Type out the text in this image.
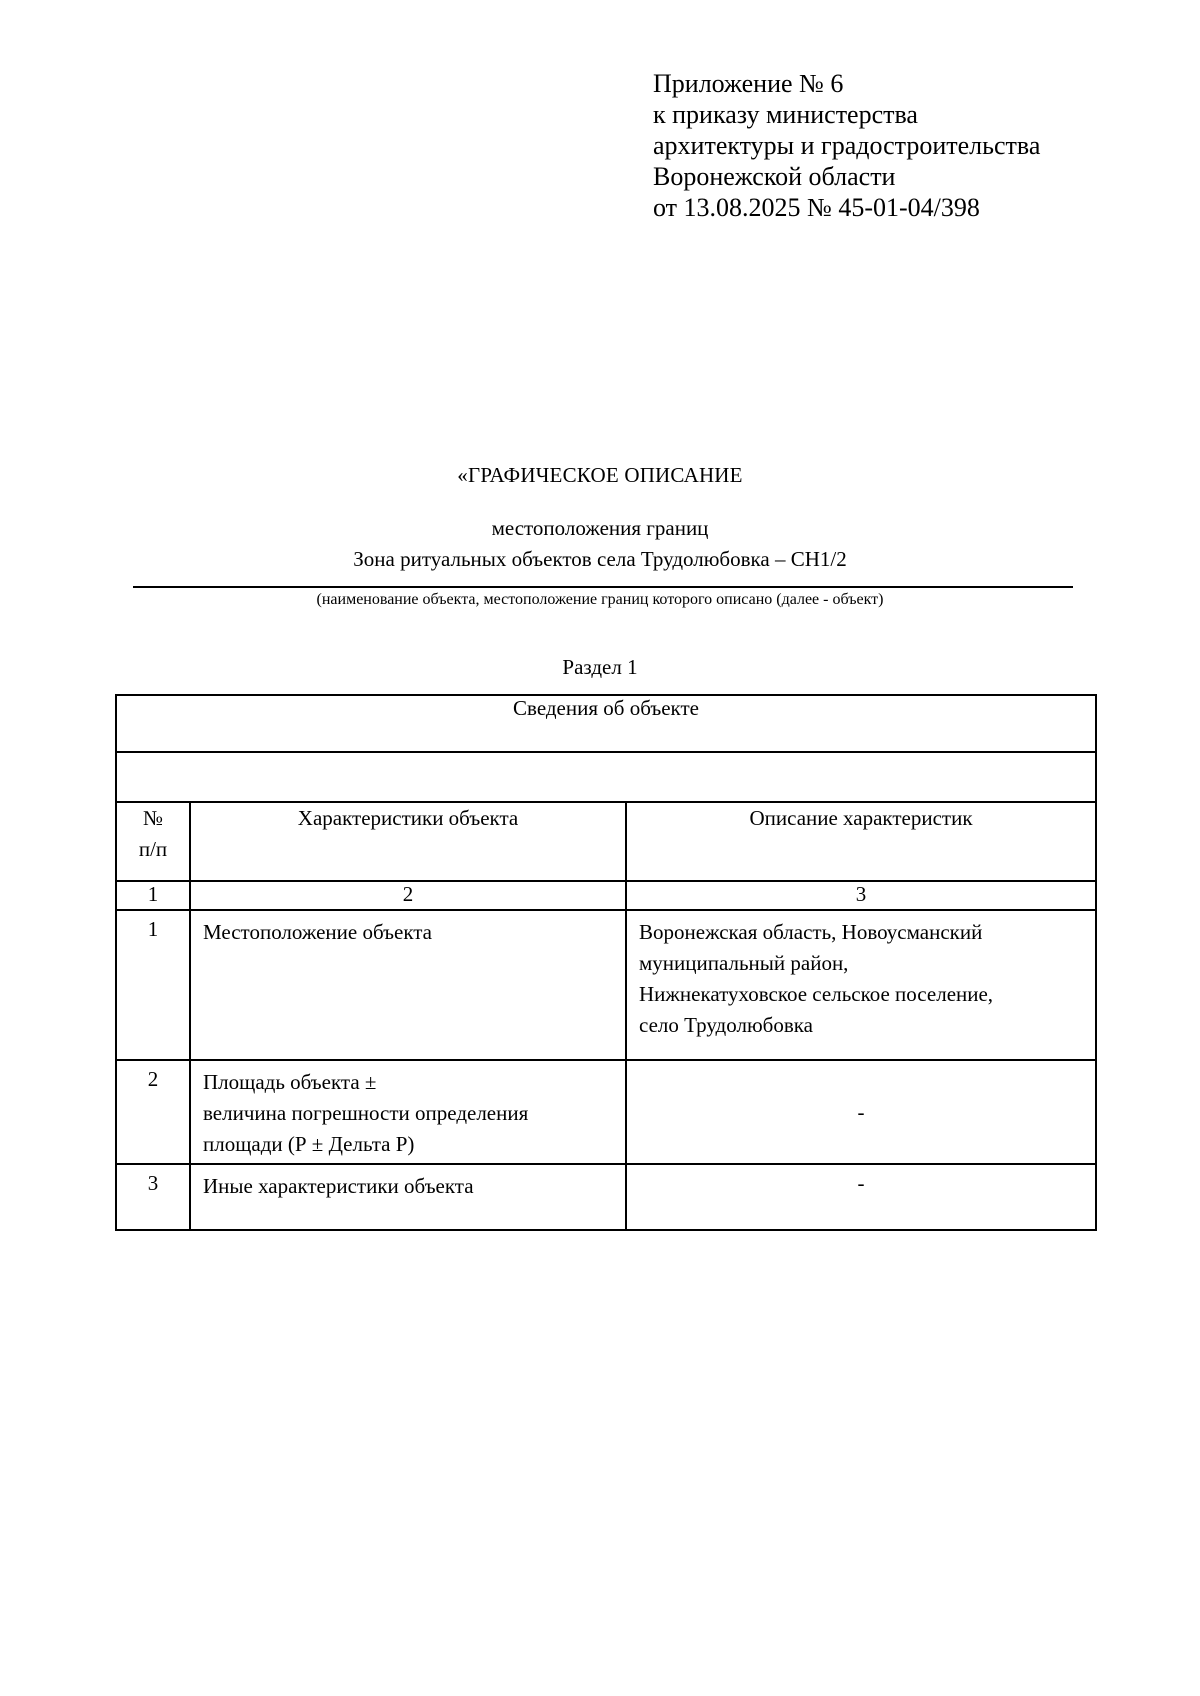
Приложение № 6
к приказу министерства
архитектуры и градостроительства
Воронежской области
от 13.08.2025 № 45-01-04/398
«ГРАФИЧЕСКОЕ ОПИСАНИЕ
местоположения границ
Зона ритуальных объектов села Трудолюбовка – СН1/2
(наименование объекта, местоположение границ которого описано (далее - объект)
Раздел 1
Сведения об объекте		

№
п/п	Характеристики объекта	Описание характеристик
1	2	3
1	Местоположение объекта	Воронежская область, Новоусманский
муниципальный район,
Нижнекатуховское сельское поселение,
село Трудолюбовка

2	Площадь объекта ±
величина погрешности определения
площади (Р ± Дельта Р)	-
3	Иные характеристики объекта	-
